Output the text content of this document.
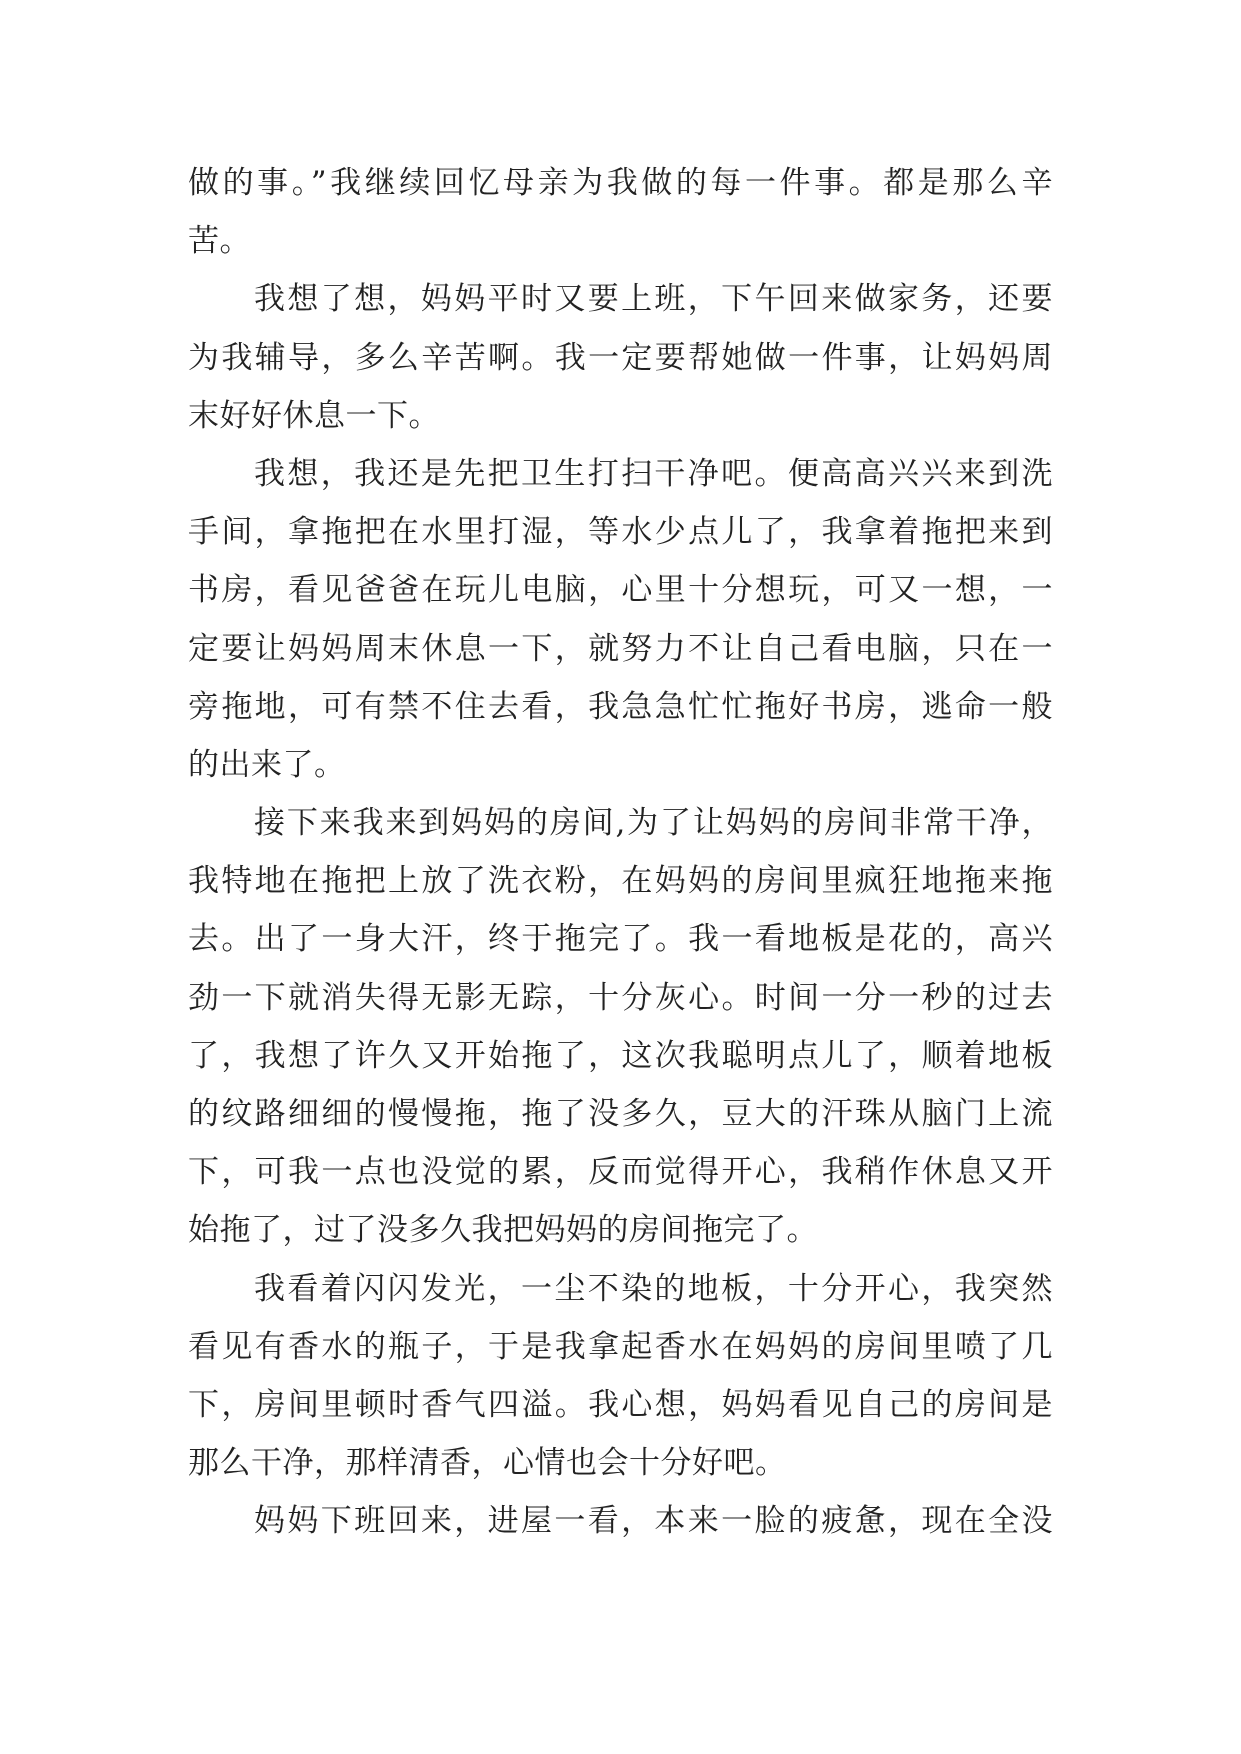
做的事。”我继续回忆母亲为我做的每一件事。都是那么辛
苦。
我想了想，妈妈平时又要上班，下午回来做家务，还要
为我辅导，多么辛苦啊。我一定要帮她做一件事，让妈妈周
末好好休息一下。
我想，我还是先把卫生打扫干净吧。便高高兴兴来到洗
手间，拿拖把在水里打湿，等水少点儿了，我拿着拖把来到
书房，看见爸爸在玩儿电脑，心里十分想玩，可又一想，一
定要让妈妈周末休息一下，就努力不让自己看电脑，只在一
旁拖地，可有禁不住去看，我急急忙忙拖好书房，逃命一般
的出来了。
接下来我来到妈妈的房间,为了让妈妈的房间非常干净，
我特地在拖把上放了洗衣粉，在妈妈的房间里疯狂地拖来拖
去。出了一身大汗，终于拖完了。我一看地板是花的，高兴
劲一下就消失得无影无踪，十分灰心。时间一分一秒的过去
了，我想了许久又开始拖了，这次我聪明点儿了，顺着地板
的纹路细细的慢慢拖，拖了没多久，豆大的汗珠从脑门上流
下，可我一点也没觉的累，反而觉得开心，我稍作休息又开
始拖了，过了没多久我把妈妈的房间拖完了。
我看着闪闪发光，一尘不染的地板，十分开心，我突然
看见有香水的瓶子，于是我拿起香水在妈妈的房间里喷了几
下，房间里顿时香气四溢。我心想，妈妈看见自己的房间是
那么干净，那样清香，心情也会十分好吧。
妈妈下班回来，进屋一看，本来一脸的疲惫，现在全没
